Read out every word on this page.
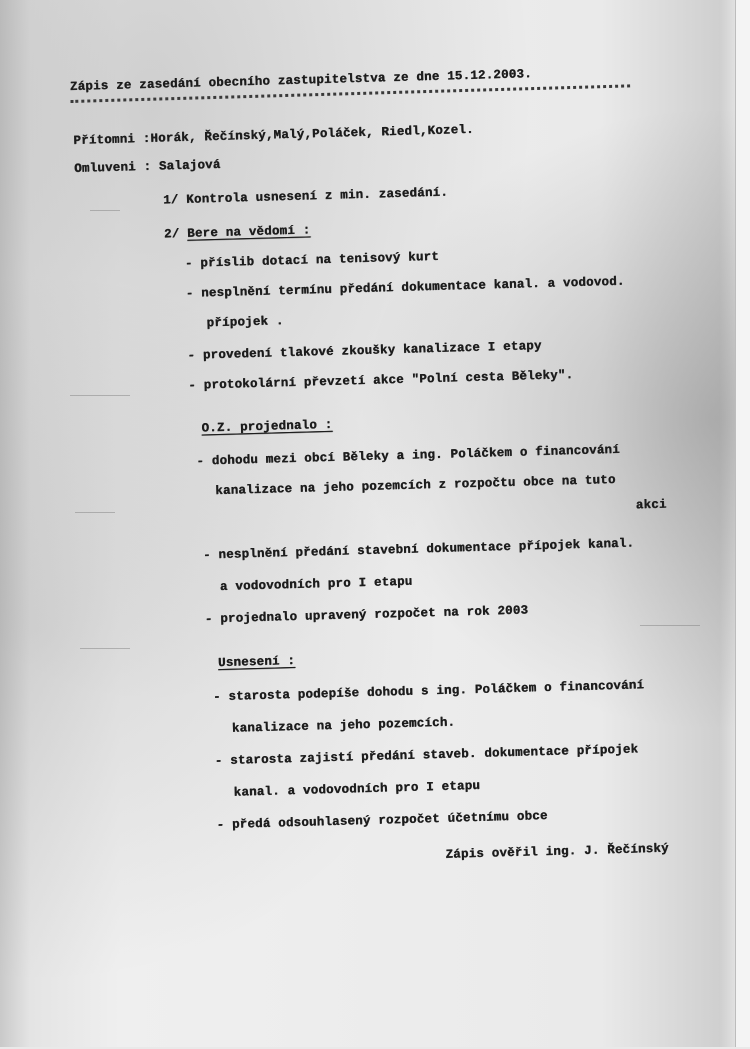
Zápis ze zasedání obecního zastupitelstva ze dne 15.12.2003.
Přítomni :Horák, Řečínský,Malý,Poláček, Riedl,Kozel.
Omluveni : Salajová
1/ Kontrola usnesení z min. zasedání.
2/ Bere na vědomí :
- příslib dotací na tenisový kurt
- nesplnění termínu předání dokumentace kanal. a vodovod.
přípojek .
- provedení tlakové zkoušky kanalizace I etapy
- protokolární převzetí akce "Polní cesta Běleky".
O.Z. projednalo :
- dohodu mezi obcí Běleky a ing. Poláčkem o financování
kanalizace na jeho pozemcích z rozpočtu obce na tuto
akci
- nesplnění předání stavební dokumentace přípojek kanal.
a vodovodních pro I etapu
- projednalo upravený rozpočet na rok 2003
Usnesení :
- starosta podepíše dohodu s ing. Poláčkem o financování
kanalizace na jeho pozemcích.
- starosta zajistí předání staveb. dokumentace přípojek
kanal. a vodovodních pro I etapu
- předá odsouhlasený rozpočet účetnímu obce
Zápis ověřil ing. J. Řečínský
